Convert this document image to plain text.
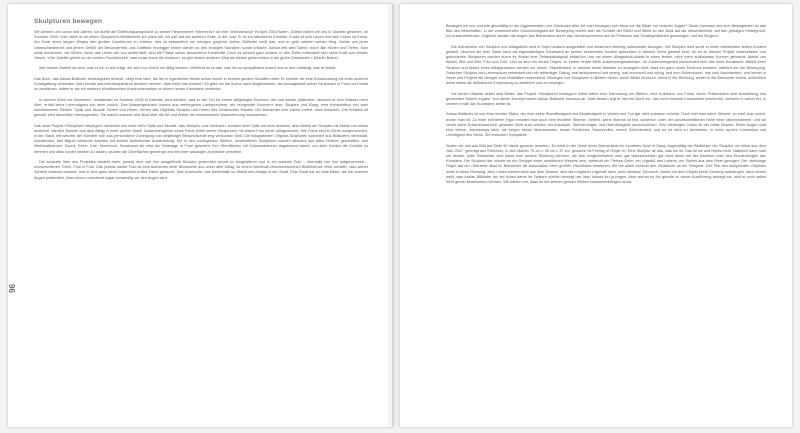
Skulpturen bewegen
96

Wir kennen uns schon seit Jahren. Ich durfte die Eröffnungsansprache zu seiner Filmpremiere «Memento» an eine Veränderung» im April 2004 halten. Zuletzt haben wir uns in Disentis gesehen, im Sommer 2009. Dort nahm er an einem Skulpturen-Wettbewerb zur place teil, ich saß auf der anderen Seite, in der Jury. Er ist ein talentierter Künstler, Kunst ist sein Leben und sein Leben ist Kunst. Am Ende eines langen Weges den großen Durchbruch zu erleben, das ist bekanntlich nur wenigen gegönnt. Adrian Bütikofer weiß das, und er geht unbeirrt seinen Weg. Nichts von jener Unbeschiedenheit und jenem Gefühl der Besonderheit, das Gottfried Honegger immer wieder an den heutigen Künstlern scharf kritisiert. Adrian lebt sein Talent, durch alle Höhen und Tiefen. Man sollte annehmen, die Höhen, wenn das Leben wie von selbst läuft, sind die Phase seiner besonderen Kreativität. Doch es scheint ganz anders: In den Tiefen entwickelt sich seine Kraft zum kreativ Neuen. «Der Zweifel gehört zu der echten Fruchtbarkeit, man muss durch die hindurch, es gibt keinen anderen Weg als diesen gefahrvollen in die große Gewissheit.» (Martin Buber)

Wer keinen Zweifel an dem, was er tut, in sich trägt, der wird zur Größe nie fähig werden. Vielleicht ist es das, was ihn so sympathisch macht und zu dem befähigt, was er leistet.

Das Buch, das Adrian Bütikofer herausgeben möchte, zeigt eine Idee, die ihn in irgendeiner Weise schon immer in seinem ganzen Schaffen leitet: Er möchte die eine Kunstrichtung mit einer anderen Kunstgattung verbinden. Man könnte das interdisziplinäres Arbeiten nennen. Was heißt das konkret? Es geht um die Suche nach Möglichkeiten, die Aussagekraft seiner Skulpturen in Form und Inhalt zu verstärken, indem er sie mit anderen künstlerischen Ausdrucksmedien zu einem neuen Kunstwerk verbindet.

In seinem Werk «in Memento», entstanden im Sommer 2008 in Disentis, wird deutlich, was er will. Ein für immer stillgelegter Brunnen, der nun wieder plätschert, obschon er kein Wasser mehr führt, erhält seine Lebendigkeit von einst zurück. Das Wassergeräusch kommt aus verborgenen Lautsprechern, ein «singender Brunnen» also: Skulptur und Klang, eine Kombination von zwei künstlerischen Medien: Optik und Akustik. Sehen und Hören; Sehen des Objektes Skulptur und Hören des Geräusches Wasser. Die Betrachter sind zuerst irritiert, dann fasziniert. Die Irritation ist gewollt, wird absichtlich hervorgerufen. Sie macht unsicher und lässt über die Art und Weise der menschlichen Wahrnehmung nachdenken.

Das neue Projekt «Skulpturen bewegen» verbindet nun nicht mehr Optik und Akustik, also Skulptur und Geräusch, sondern eine Optik mit einer anderen, also Abbild der Skulptur mit Abbild von etwas anderem, nämlich Szenen aus dem Alltag in einer großen Stadt. Zusammengehen eines Fotos (einer seiner Skulpturen) mit einem Foto (einer Alltagsszene). Alle Fotos sind in Zürich aufgenommen, in der Stadt, mit welcher der Künstler sich aus persönlicher Zuneigung und vieljähriger Bekanntschaft eng verbunden fühlt. Die fotografierten Original-Skulpturen stammen aus Bütikofers Werkstatt, wunderbare, fast filigran wirkende Arbeiten mit starker ästhetischer Ausstrahlung. Die in den vorliegenden Bildern, verarbeiteten Skulpturen wurden allesamt aus alten Hölzern geschaffen, aus Weißmattstücker. Esche, Eiche, Erle, Kirschholz, Nussbaum sie wird die Vorlesage in Form gebracht, ihre Oberflächen mit Schwarzbrenner abgebrannt waren, um allen Kanten die Schärfe zu nehmen und alles runder werden zu lassen, wurden die Oberflächen geneinigt und mit einer wässrigen Acrylfarbe versehen.

Die konkrete Idee des Projektes besteht darin, jeweils eine von ihm ausgeführte Skulptur gestochen scharf zu fotografieren und in ein anderes Foto – ebenfalls von ihm aufgenommen – einzumontieren. Eben, Foto in Foto. Das jeweils zweite Foto ist eine Aufnahme einer Blickszene aus unser aller Alltag, zu einem nebelhaft-verschwommenen Bildeindruck «entr-schärft», also seiner Schärfe bewusst beraubt, und in eine ganz leicht bräunliche-entike Farbe getaucht. Das Unscharfe, das Nebelhafte im Abbild des Alltags in der Stadt. Eine Stadt hat so viele Bilder, die sie unseren Augen präsentiert, doss einem manchmal sogar schwindlig vor den Augen wird.

Bewegen wir uns erst wie geschäftig in der Agglomeration von Gebäuden aller Art oder bewegen sich etwa nur die Bilder vor unseren Augen? Diese Inversion des sich Bewegenden ist das Bild des Nebelhaften, in der zunehmenden Geschwindigkeit der Bewegung verliert sich die Schärfe der Bilder und öffnet so den Blick auf die Wesentlichkeit, auf den geistigen Hintergrund, ein Aussichtsfenster. Zugleich werden die Augen des Betrachters durch das Verschwommene auf die Präzision des Schärfgebildeten gezwungen, auf die Skulptur.

Die Aufnahmen von Skulptur und Alltagsblick sind in Sujet bedacht ausgewählt und diesersert stimmig aufeinander bezogen. Die Skulptur wird somit in einen bestimmten festen Kontext gestellt, obschon sie ihrer Natur nach als eigenständiges Kunstwerk an keinen bestimmten Kontext gebunden, in diesem Sinne gesetzt sind. Ob es zu diesem Projekt verarbeiteten und gefundenen Skulpturen werden durch ihr Abbild ihrer Selbstständigkeit entäußert und mit einem Alltagsblick-Abbild in einen festen, nicht mehr auflösbaren Konnex gebracht: Abbild und Abbild, Bild und Bild, Foto und Foto. Und so sind ein neues Objekt, zu einem neuen Werk zusammengewachsen. Im Zusammengehen kontextuiert sich das neue Kunstwerk. Abbild einer Skulptur und Abbild eines Alltagsraumes werden zur neuen Objekteinheit, in welcher beide Abbilder so arrangiert sind, dass ein ganz neuer Eindruck entsteht, nämlich der der Bewegung. Zwischen Skulptur und Lebensraum entwickelt sich ein lebendiger Dialog, mal analysierend und streng, mal humorvoll und witzig, mal zum Schmunzeln, mal zum Nachdenken, und immer in Seele und Fingern die Neugier zum Umblättern erweckend. Bewegen von Skulpturen in Bildern hinein, durch Bilder hindurch, meist in der Richtung, weiter in die Betrachter hinein, schließlich diese selbst als ästhetische Empfindung zu berühren und zu bewegen.

Die neuen Objekte selbst sind Bilder; das Projekt «Skulpturen bewegen» liefert daher eine Sammlung von Bildern, eine Kollektion von Fotos, deren Präsentation eine Ausstellung von gerahmten Bildern ergäbe. Von dieser Konzept wacht Adrian Bütikofer bewusst ab. Statt dessen legt er hier ein Buch vor, das nicht einzelne Kunstwerke beschreibt, vielmehr in seiner Art, in seinem Inhalt das Kunstwerk selbst ist.

Adrian Bütikofer ist von eher leichter Statur, der man seine Standfestigkeit und Beständigkeit in Wollen und Tun gar nicht zutrauen möchte. Doch hört man seine Stimme, so weiß man sofort, woran man ist. Zu einer leichteren Figur erwartet man auch eine leichtere Stimme. Gefehlt, seine Stimme ist fest, sicherlich unter der durchschnittlichen Höhe einer Männerstimme, und sie vereilt seine Entschlossenheit, gesetzte Ziele auch wirklich mit Ausdauer, Stehvermögen und Hartnäckigkeit durchzusetzen. Sein bisheriges Leben ist der beste Beweis. Seine Augen sind eher kleiner, keineswegs klein, sie zeigen etwas Verschmitztes, etwas Fröhliches, Humorvolles, innere Zufriedenheit; und es ist nicht zu übersehen, in ihnen spricht Lebenslust und Leichtigkeit des Seins. Sie erwecken Sympathie.

Wollen wir uns das Bild auf Seite 40 etwas genauer ansehen. Es setzt in der Seele eines Betrachters ein munteres Spiel in Gang. Augenfällig der Bildkörper der Skulptur, ein Werk aus dem Jahr 2007, gefertigt aus Erlenholz, in den Maßen 75 cm x 30 cm x 37 cm, genannt «A Feeling of Origin II». Eine Skulptur ist das, was sie ist. Das ist sie und nichts mehr. Natürlich kann man sie deuten, jeder Betrachter wird dabei eine andere Richtung nehmen, die sich möglicherweise oder gar wahrscheinlich gar nicht deckt mit der Intention oder den Empfindungen des Künstlers. Die Skulptur hier könnte an ein Gerippe eines urzeitlichen Wesens sein, vielleicht ein Tiefsee-Geier, ein Urgefäß des Lebens, ein Skelett aus dem Meer gezogen. Der dreieckige Flügel auf der Oberseite lässt im Betrachter die Assoziation einer großen Fischflosse entstehen, die vor allem erweckt den Gedanken an ein Seegeist. Der Titel des skulpturalen Objektes weist in diese Richtung: alles Leben kommt wohl aus dem Wasser, dies als möglicher Urgehalt dazu, wohl denkbar. Dennoch, wollen wir dem Objekt keine Deutung aufzwingen, denn keiner weiß, was Adrian Bütikofer bei der Arbeit daran im Tiefsten wirklich bewegt hat. Man könnte ihn ja fragen. Aber warum es ihn gerade zu dieser Ausführung bewegt hat, wird er wohl selbst nicht genau beantworten können. Wir wissen nur, dass es mit seinem ganzen Wesen zusammenhängen muss.
